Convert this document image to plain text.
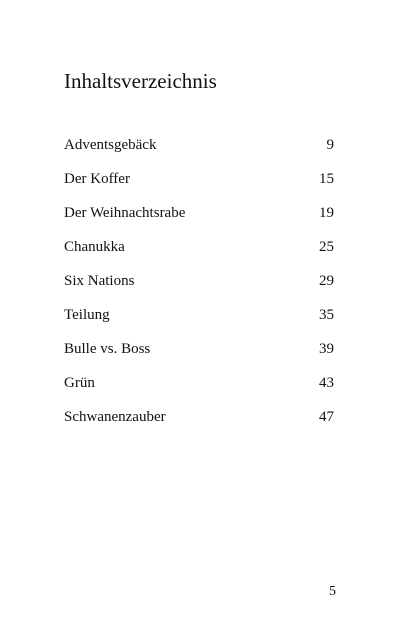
Inhaltsverzeichnis
Adventsgebäck	9
Der Koffer	15
Der Weihnachtsrabe	19
Chanukka	25
Six Nations	29
Teilung	35
Bulle vs. Boss	39
Grün	43
Schwanenzauber	47
5
